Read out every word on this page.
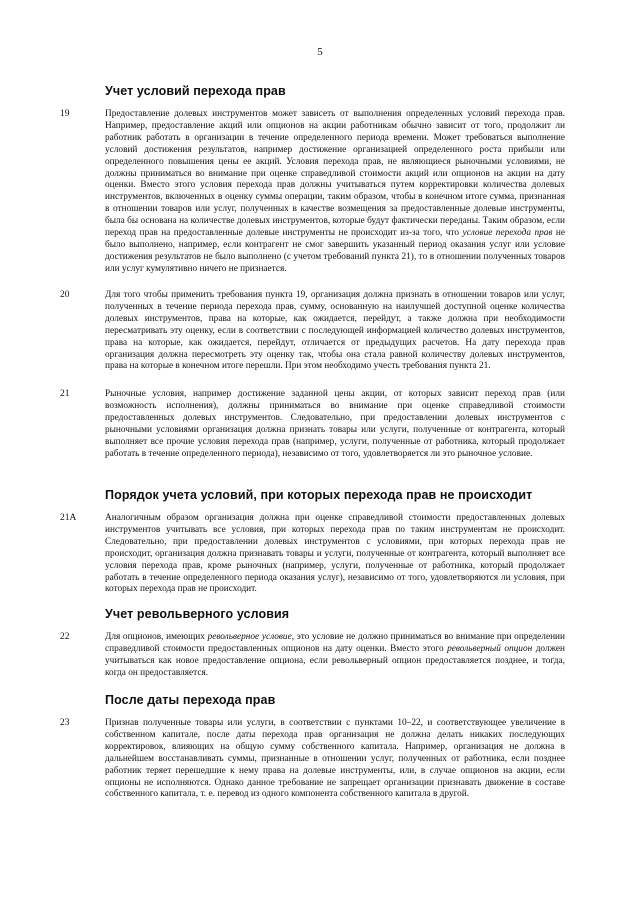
5
Учет условий перехода прав
19	Предоставление долевых инструментов может зависеть от выполнения определенных условий перехода прав. Например, предоставление акций или опционов на акции работникам обычно зависит от того, продолжит ли работник работать в организации в течение определенного периода времени. Может требоваться выполнение условий достижения результатов, например достижение организацией определенного роста прибыли или определенного повышения цены ее акций. Условия перехода прав, не являющиеся рыночными условиями, не должны приниматься во внимание при оценке справедливой стоимости акций или опционов на акции на дату оценки. Вместо этого условия перехода прав должны учитываться путем корректировки количества долевых инструментов, включенных в оценку суммы операции, таким образом, чтобы в конечном итоге сумма, признанная в отношении товаров или услуг, полученных в качестве возмещения за предоставленные долевые инструменты, была бы основана на количестве долевых инструментов, которые будут фактически переданы. Таким образом, если переход прав на предоставленные долевые инструменты не происходит из-за того, что условие перехода прав не было выполнено, например, если контрагент не смог завершить указанный период оказания услуг или условие достижения результатов не было выполнено (с учетом требований пункта 21), то в отношении полученных товаров или услуг кумулятивно ничего не признается.

20	Для того чтобы применить требования пункта 19, организация должна признать в отношении товаров или услуг, полученных в течение периода перехода прав, сумму, основанную на наилучшей доступной оценке количества долевых инструментов, права на которые, как ожидается, перейдут, а также должна при необходимости пересматривать эту оценку, если в соответствии с последующей информацией количество долевых инструментов, права на которые, как ожидается, перейдут, отличается от предыдущих расчетов. На дату перехода прав организация должна пересмотреть эту оценку так, чтобы она стала равной количеству долевых инструментов, права на которые в конечном итоге перешли. При этом необходимо учесть требования пункта 21.

21	Рыночные условия, например достижение заданной цены акции, от которых зависит переход прав (или возможность исполнения), должны приниматься во внимание при оценке справедливой стоимости предоставленных долевых инструментов. Следовательно, при предоставлении долевых инструментов с рыночными условиями организация должна признать товары или услуги, полученные от контрагента, который выполняет все прочие условия перехода прав (например, услуги, полученные от работника, который продолжает работать в течение определенного периода), независимо от того, удовлетворяется ли это рыночное условие.

Порядок учета условий, при которых перехода прав не происходит
21A	Аналогичным образом организация должна при оценке справедливой стоимости предоставленных долевых инструментов учитывать все условия, при которых перехода прав по таким инструментам не происходит. Следовательно, при предоставлении долевых инструментов с условиями, при которых перехода прав не происходит, организация должна признавать товары и услуги, полученные от контрагента, который выполняет все условия перехода прав, кроме рыночных (например, услуги, полученные от работника, который продолжает работать в течение определенного периода оказания услуг), независимо от того, удовлетворяются ли условия, при которых перехода прав не происходит.

Учет револьверного условия
22	Для опционов, имеющих револьверное условие, это условие не должно приниматься во внимание при определении справедливой стоимости предоставленных опционов на дату оценки. Вместо этого револьверный опцион должен учитываться как новое предоставление опциона, если револьверный опцион предоставляется позднее, и тогда, когда он предоставляется.

После даты перехода прав
23	Признав полученные товары или услуги, в соответствии с пунктами 10–22, и соответствующее увеличение в собственном капитале, после даты перехода прав организация не должна делать никаких последующих корректировок, влияющих на общую сумму собственного капитала. Например, организация не должна в дальнейшем восстанавливать суммы, признанные в отношении услуг, полученных от работника, если позднее работник теряет перешедшие к нему права на долевые инструменты, или, в случае опционов на акции, если опционы не исполняются. Однако данное требование не запрещает организации признавать движение в составе собственного капитала, т. е. перевод из одного компонента собственного капитала в другой.
